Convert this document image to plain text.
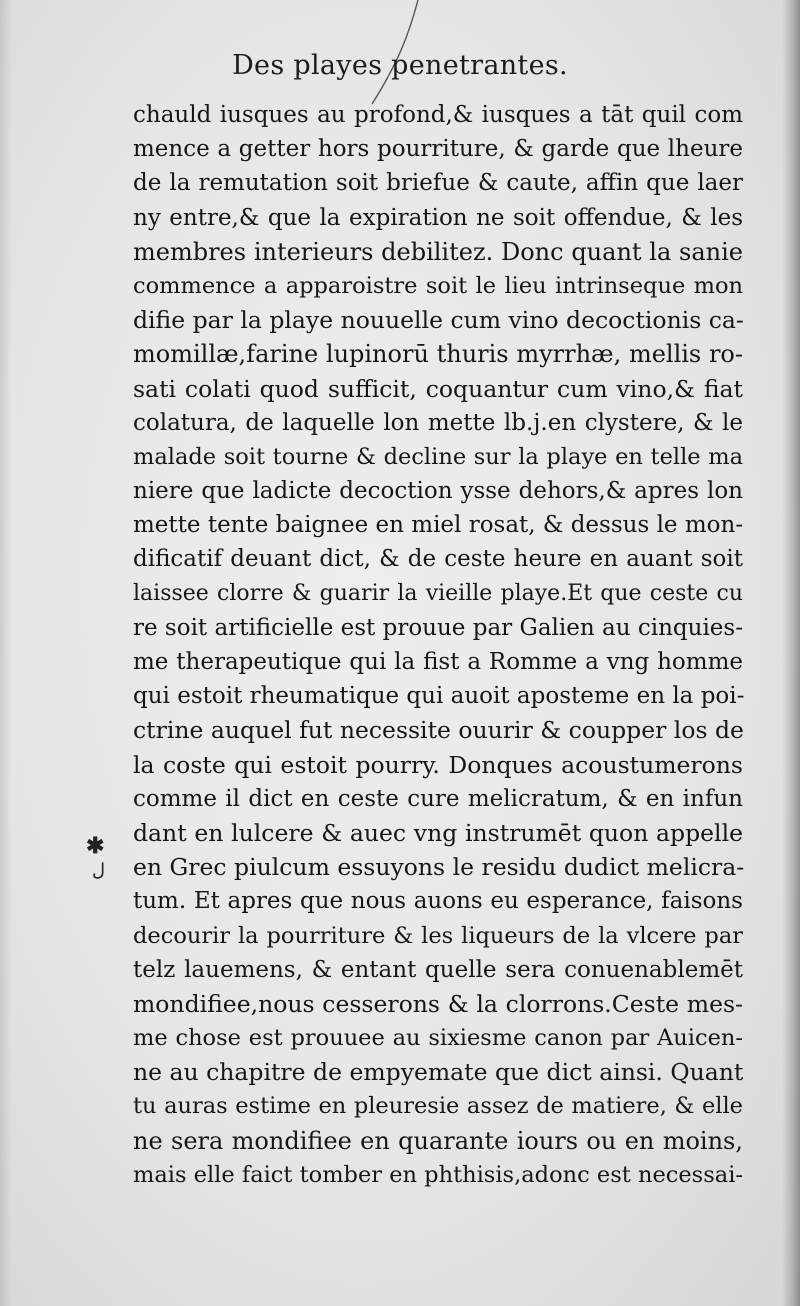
Des playes penetrantes.
chauld iusques au profond,& iusques a tāt quil com
mence a getter hors pourriture, & garde que lheure
de la remutation soit briefue & caute, affin que laer
ny entre,& que la expiration ne soit offendue, & les
membres interieurs debilitez. Donc quant la sanie
commence a apparoistre soit le lieu intrinseque mon
difie par la playe nouuelle cum vino decoctionis ca-
momillæ,farine lupinorū thuris myrrhæ, mellis ro-
sati colati quod sufficit, coquantur cum vino,& fiat
colatura, de laquelle lon mette lb.j.en clystere, & le
malade soit tourne & decline sur la playe en telle ma
niere que ladicte decoction ysse dehors,& apres lon
mette tente baignee en miel rosat, & dessus le mon-
dificatif deuant dict, & de ceste heure en auant soit
laissee clorre & guarir la vieille playe.Et que ceste cu
re soit artificielle est prouue par Galien au cinquies-
me therapeutique qui la fist a Romme a vng homme
qui estoit rheumatique qui auoit aposteme en la poi-
ctrine auquel fut necessite ouurir & coupper los de
la coste qui estoit pourry. Donques acoustumerons
comme il dict en ceste cure melicratum, & en infun
dant en lulcere & auec vng instrumēt quon appelle
en Grec piulcum essuyons le residu dudict melicra-
tum. Et apres que nous auons eu esperance, faisons
decourir la pourriture & les liqueurs de la vlcere par
telz lauemens, & entant quelle sera conuenablemēt
mondifiee,nous cesserons & la clorrons.Ceste mes-
me chose est prouuee au sixiesme canon par Auicen-
ne au chapitre de empyemate que dict ainsi. Quant
tu auras estime en pleuresie assez de matiere, & elle
ne sera mondifiee en quarante iours ou en moins,
mais elle faict tomber en phthisis,adonc est necessai-
✱
ل
